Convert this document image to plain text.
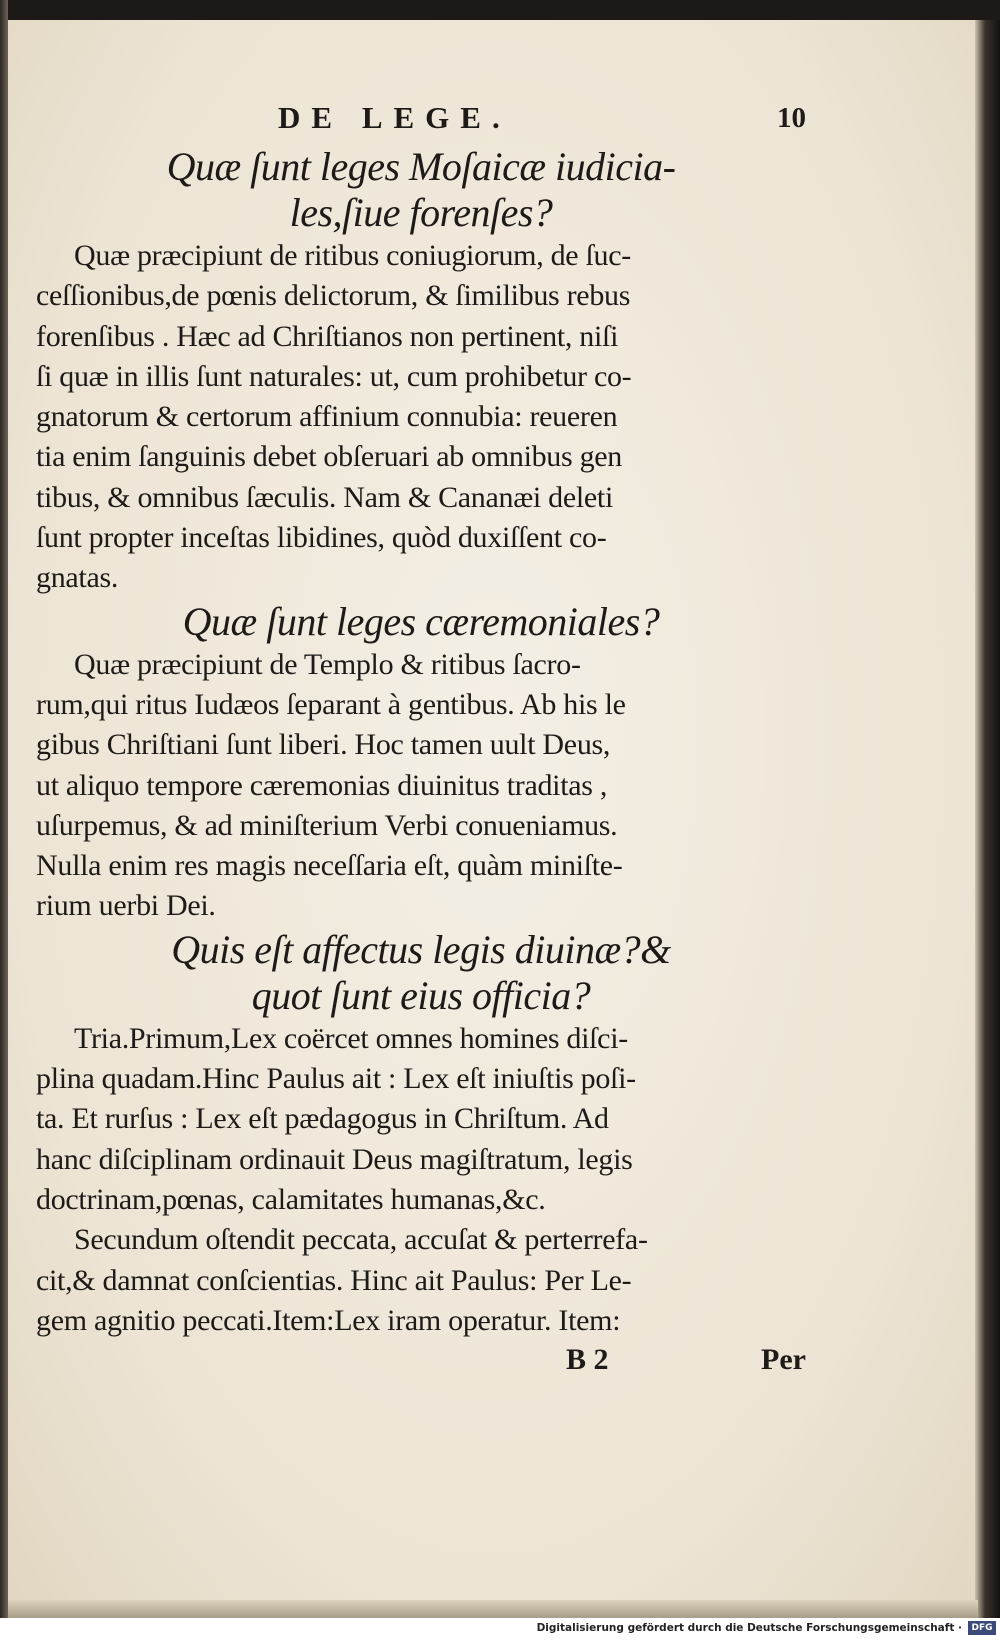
DE LEGE.	10
Quæ ſunt leges Moſaicæ iudicia-
les,ſiue forenſes?
Quæ præcipiunt de ritibus coniugiorum, de ſuc-
ceſſionibus,de pœnis delictorum, & ſimilibus rebus
forenſibus . Hæc ad Chriſtianos non pertinent, niſi
ſi quæ in illis ſunt naturales: ut, cum prohibetur co-
gnatorum & certorum affinium connubia: reueren
tia enim ſanguinis debet obſeruari ab omnibus gen
tibus, & omnibus ſæculis. Nam & Cananæi deleti
ſunt propter inceſtas libidines, quòd duxiſſent co-
gnatas.
Quæ ſunt leges cæremoniales?
Quæ præcipiunt de Templo & ritibus ſacro-
rum,qui ritus Iudæos ſeparant à gentibus. Ab his le
gibus Chriſtiani ſunt liberi. Hoc tamen uult Deus,
ut aliquo tempore cæremonias diuinitus traditas ,
uſurpemus, & ad miniſterium Verbi conueniamus.
Nulla enim res magis neceſſaria eſt, quàm miniſte-
rium uerbi Dei.
Quis eſt affectus legis diuinæ?&
quot ſunt eius officia?
Tria.Primum,Lex coërcet omnes homines diſci-
plina quadam.Hinc Paulus ait : Lex eſt iniuſtis poſi-
ta. Et rurſus : Lex eſt pædagogus in Chriſtum. Ad
hanc diſciplinam ordinauit Deus magiſtratum, legis
doctrinam,pœnas, calamitates humanas,&c.
Secundum oſtendit peccata, accuſat & perterrefa-
cit,& damnat conſcientias. Hinc ait Paulus: Per Le-
gem agnitio peccati.Item:Lex iram operatur. Item:
B 2	Per
Digitalisierung gefördert durch die Deutsche Forschungsgemeinschaft ·	DFG
